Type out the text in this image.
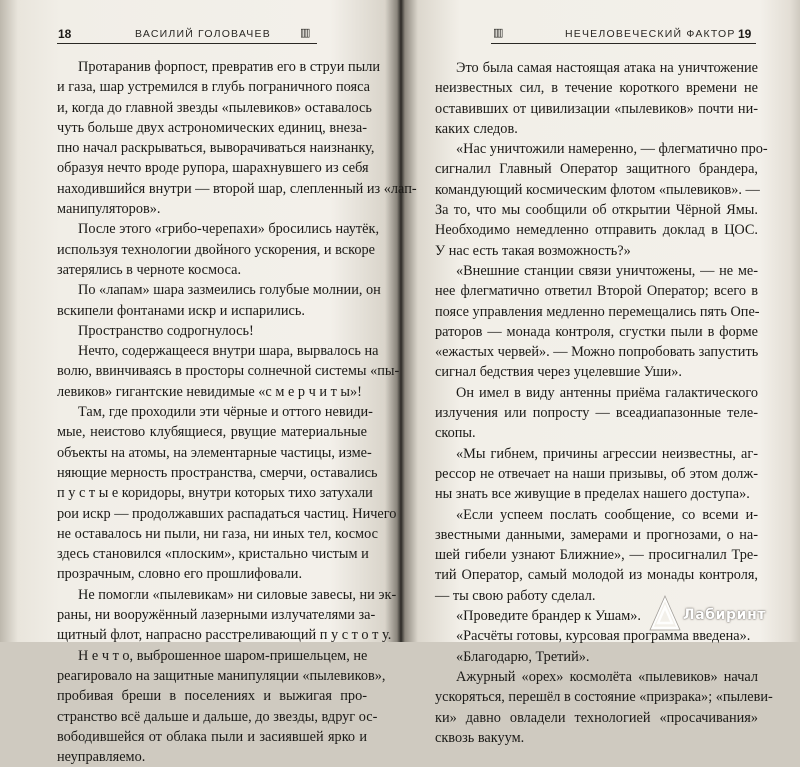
18	ВАСИЛИЙ ГОЛОВАЧЕВ	▥
Протаранив форпост, превратив его в струи пыли
и газа, шар устремился в глубь пограничного пояса
и, когда до главной звезды «пылевиков» оставалось
чуть больше двух астрономических единиц, внеза-
пно начал раскрываться, выворачиваться наизнанку,
образуя нечто вроде рупора, шарахнувшего из себя
находившийся внутри — второй шар, слепленный из «лап-
манипуляторов».
После этого «грибо-черепахи» бросились наутёк,
используя технологии двойного ускорения, и вскоре
затерялись в черноте космоса.
По «лапам» шара зазмеились голубые молнии, он
вскипели фонтанами искр и испарились.
Пространство содрогнулось!
Нечто, содержащееся внутри шара, вырвалось на
волю, ввинчиваясь в просторы солнечной системы «пы-
левиков» гигантские невидимые «с м е р ч и т ы»!
Там, где проходили эти чёрные и оттого невиди-
мые, неистово клубящиеся, рвущие материальные
объекты на атомы, на элементарные частицы, изме-
няющие мерность пространства, смерчи, оставались
п у с т ы е коридоры, внутри которых тихо затухали
рои искр — продолжавших распадаться частиц. Ничего
не оставалось ни пыли, ни газа, ни иных тел, космос
здесь становился «плоским», кристально чистым и
прозрачным, словно его прошлифовали.
Не помогли «пылевикам» ни силовые завесы, ни эк-
раны, ни вооружённый лазерными излучателями за-
щитный флот, напрасно расстреливающий п у с т о т у.
Н е ч т о, выброшенное шаром-пришельцем, не
реагировало на защитные манипуляции «пылевиков»,
пробивая бреши в поселениях и выжигая про-
странство всё дальше и дальше, до звезды, вдруг ос-
вободившейся от облака пыли и засиявшей ярко и
неуправляемо.
▥	НЕЧЕЛОВЕЧЕСКИЙ ФАКТОР 19
Это была самая настоящая атака на уничтожение
неизвестных сил, в течение короткого времени не
оставивших от цивилизации «пылевиков» почти ни-
каких следов.
«Нас уничтожили намеренно, — флегматично про-
сигналил Главный Оператор защитного брандера,
командующий космическим флотом «пылевиков». —
За то, что мы сообщили об открытии Чёрной Ямы.
Необходимо немедленно отправить доклад в ЦОС.
У нас есть такая возможность?»
«Внешние станции связи уничтожены, — не ме-
нее флегматично ответил Второй Оператор; всего в
поясе управления медленно перемещались пять Опе-
раторов — монада контроля, сгустки пыли в форме
«ежастых червей». — Можно попробовать запустить
сигнал бедствия через уцелевшие Уши».
Он имел в виду антенны приёма галактического
излучения или попросту — всеадиапазонные теле-
скопы.
«Мы гибнем, причины агрессии неизвестны, аг-
рессор не отвечает на наши призывы, об этом долж-
ны знать все живущие в пределах нашего доступа».
«Если успеем послать сообщение, со всеми и-
звестными данными, замерами и прогнозами, о на-
шей гибели узнают Ближние», — просигналил Тре-
тий Оператор, самый молодой из монады контроля,
— ты свою работу сделал.
«Проведите брандер к Ушам».
«Расчёты готовы, курсовая программа введена».
«Благодарю, Третий».
Ажурный «орех» космолёта «пылевиков» начал
ускоряться, перешёл в состояние «призрака»; «пылеви-
ки» давно овладели технологией «просачивания»
сквозь вакуум.
Лабиринт
